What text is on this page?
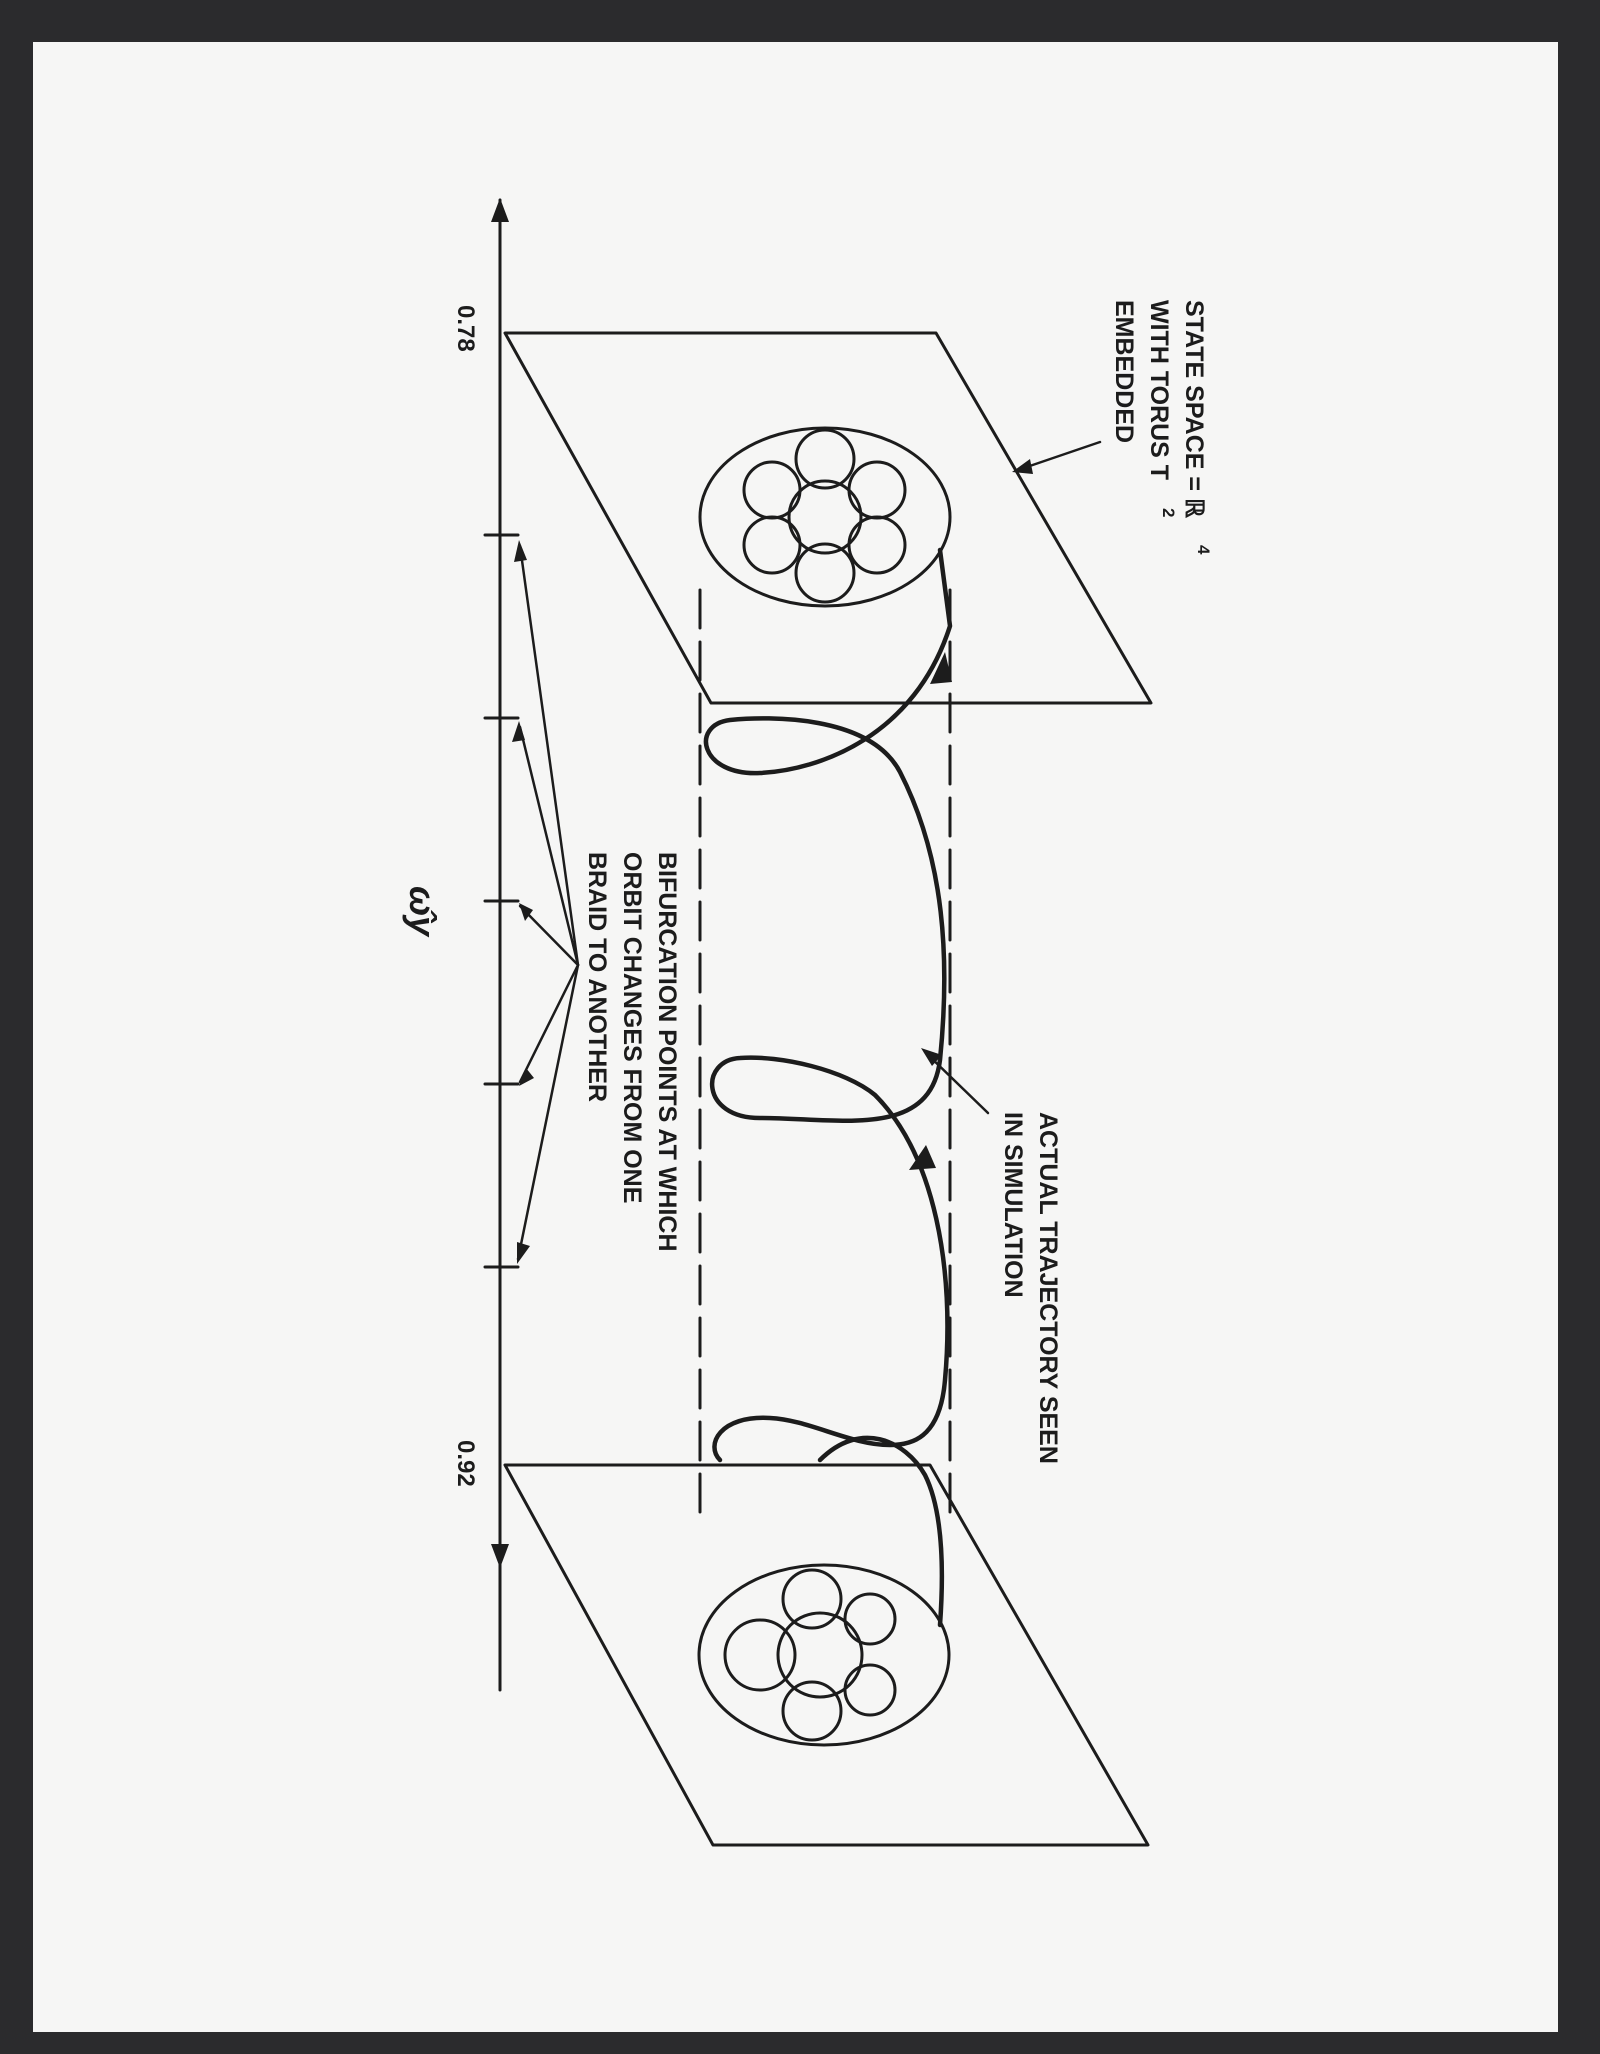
STATE SPACE = ℝ
4
WITH TORUS T
2
EMBEDDED
ACTUAL TRAJECTORY SEEN
IN SIMULATION
BIFURCATION POINTS AT WHICH
ORBIT CHANGES FROM ONE
BRAID TO ANOTHER
ω̂y
0.78
0.92
